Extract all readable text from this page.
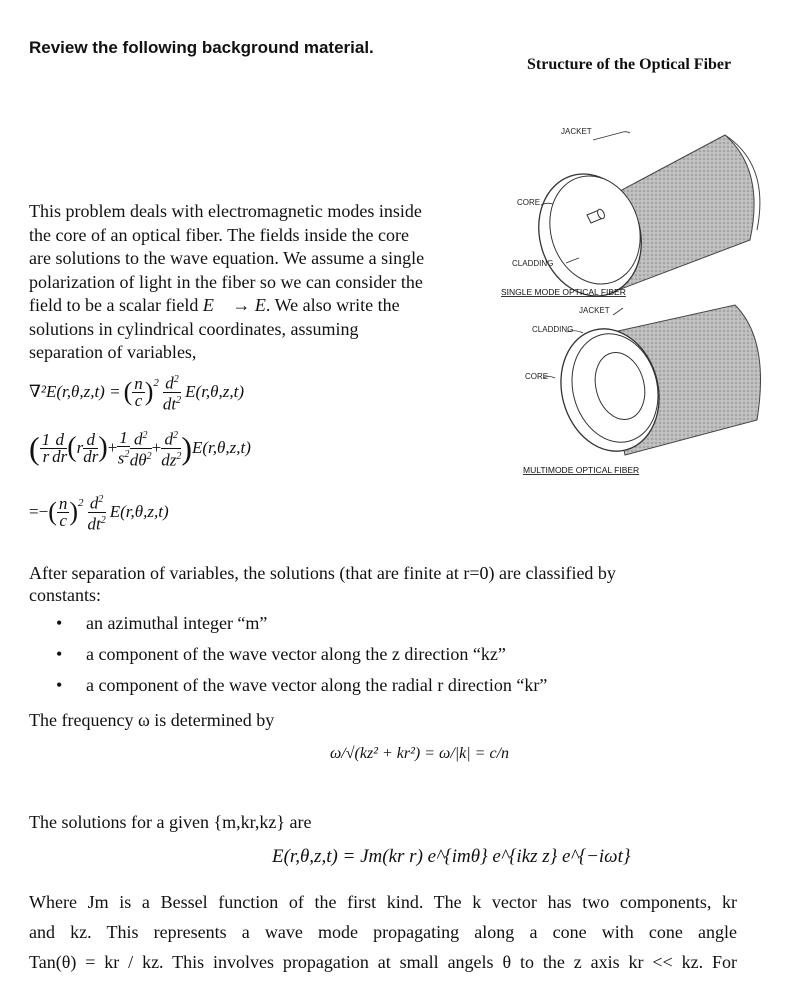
Review the following background material.
Structure of the Optical Fiber
JACKET
CORE
CLADDING
SINGLE MODE OPTICAL FIBER
JACKET
CLADDING
CORE
MULTIMODE OPTICAL FIBER
This problem deals with electromagnetic modes inside
the core of an optical fiber. The fields inside the core
are solutions to the wave equation. We assume a single
polarization of light in the fiber so we can consider the
field to be a scalar field E⃗ → E. We also write the
solutions in cylindrical coordinates, assuming
separation of variables,
∇²E(r,θ,z,t) = ( $\frac{n}{c}$ ) $2 \frac{d^2}{dt^2} E(r,\theta,z,t)$
( $\frac{1}{r} \frac{d}{dr}$ ( r $\frac{d}{dr}$ ) + $\frac{1}{s^2} \frac{d^2}{d\theta^2} + \frac{d^2}{dz^2}$ ) E(r,θ,z,t)
= − ( $\frac{n}{c}$ ) $2 \frac{d^2}{dt^2} E(r,\theta,z,t)$
After separation of variables, the solutions (that are finite at r=0) are classified by
constants:
• an azimuthal integer “m”
• a component of the wave vector along the z direction “kz”
• a component of the wave vector along the radial r direction “kr”
The frequency ω is determined by
ω/√(kz² + kr²) = ω/|k| = c/n
The solutions for a given {m,kr,kz} are
E(r,θ,z,t) = Jm(kr r) e^{imθ} e^{ikz z} e^{−iωt}
Where Jm is a Bessel function of the first kind. The k vector has two components, kr
and kz. This represents a wave mode propagating along a cone with cone angle
Tan(θ) = kr / kz. This involves propagation at small angels θ to the z axis kr << kz. For
